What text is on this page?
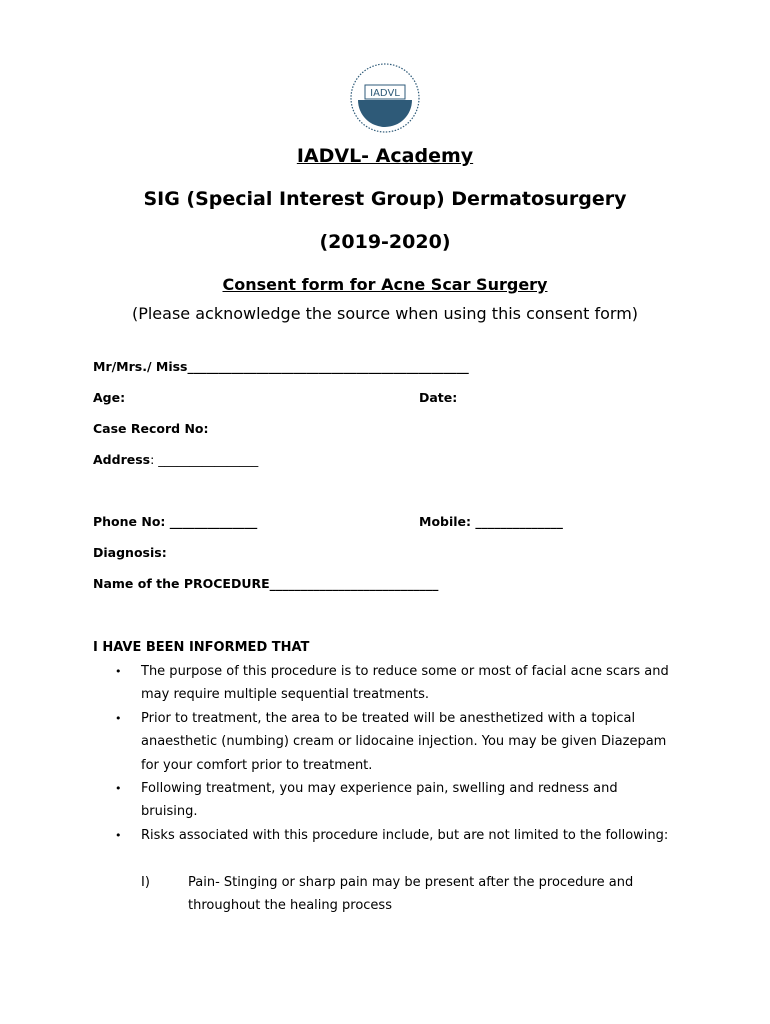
IADVL
IADVL- Academy
SIG (Special Interest Group) Dermatosurgery
(2019-2020)
Consent form for Acne Scar Surgery
(Please acknowledge the source when using this consent form)
Mr/Mrs./ Miss_____________________________________________
Age:	Date:
Case Record No:
Address: ________________
Phone No: ______________	Mobile: ______________
Diagnosis:
Name of the PROCEDURE___________________________
I HAVE BEEN INFORMED THAT
• The purpose of this procedure is to reduce some or most of facial acne scars and may require multiple sequential treatments.
• Prior to treatment, the area to be treated will be anesthetized with a topical anaesthetic (numbing) cream or lidocaine injection. You may be given Diazepam for your comfort prior to treatment.
• Following treatment, you may experience pain, swelling and redness and bruising.
• Risks associated with this procedure include, but are not limited to the following:
I)	Pain- Stinging or sharp pain may be present after the procedure and throughout the healing process
